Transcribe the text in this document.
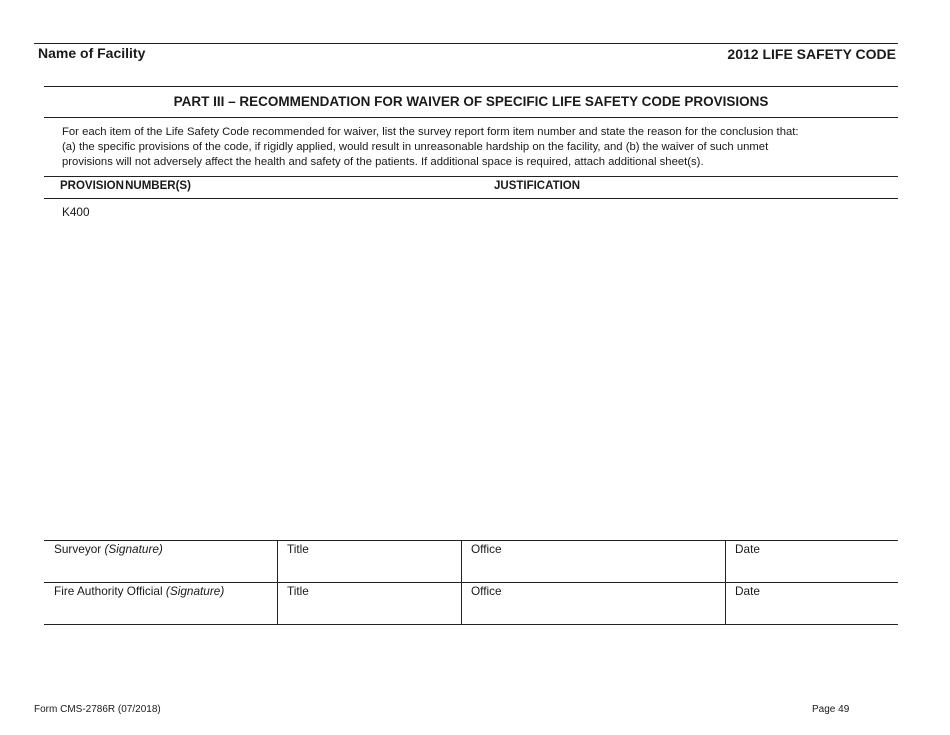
Name of Facility	2012 LIFE SAFETY CODE
PART III – RECOMMENDATION FOR WAIVER OF SPECIFIC LIFE SAFETY CODE PROVISIONS
For each item of the Life Safety Code recommended for waiver, list the survey report form item number and state the reason for the conclusion that:
(a) the specific provisions of the code, if rigidly applied, would result in unreasonable hardship on the facility, and (b) the waiver of such unmet
provisions will not adversely affect the health and safety of the patients. If additional space is required, attach additional sheet(s).
PROVISION NUMBER(S)	JUSTIFICATION
K400
Surveyor (Signature)	Title	Office	Date
Fire Authority Official (Signature)	Title	Office	Date
Form CMS-2786R (07/2018)	Page 49
